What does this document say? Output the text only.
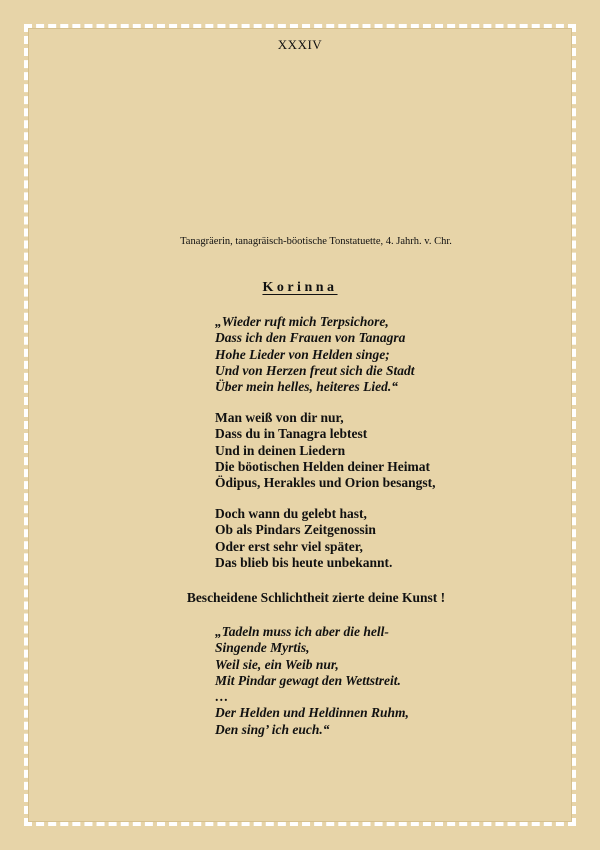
XXXIV
Tanagräerin, tanagräisch-böotische Tonstatuette, 4. Jahrh. v. Chr.
Korinna

„Wieder ruft mich Terpsichore,
Dass ich den Frauen von Tanagra
Hohe Lieder von Helden singe;
Und von Herzen freut sich die Stadt
Über mein helles, heiteres Lied.“

Man weiß von dir nur,
Dass du in Tanagra lebtest
Und in deinen Liedern
Die böotischen Helden deiner Heimat
Ödipus, Herakles und Orion besangst,

Doch wann du gelebt hast,
Ob als Pindars Zeitgenossin
Oder erst sehr viel später,
Das blieb bis heute unbekannt.

Bescheidene Schlichtheit zierte deine Kunst !

„Tadeln muss ich aber die hell-
Singende Myrtis,
Weil sie, ein Weib nur,
Mit Pindar gewagt den Wettstreit.
…
Der Helden und Heldinnen Ruhm,
Den sing’ ich euch.“
